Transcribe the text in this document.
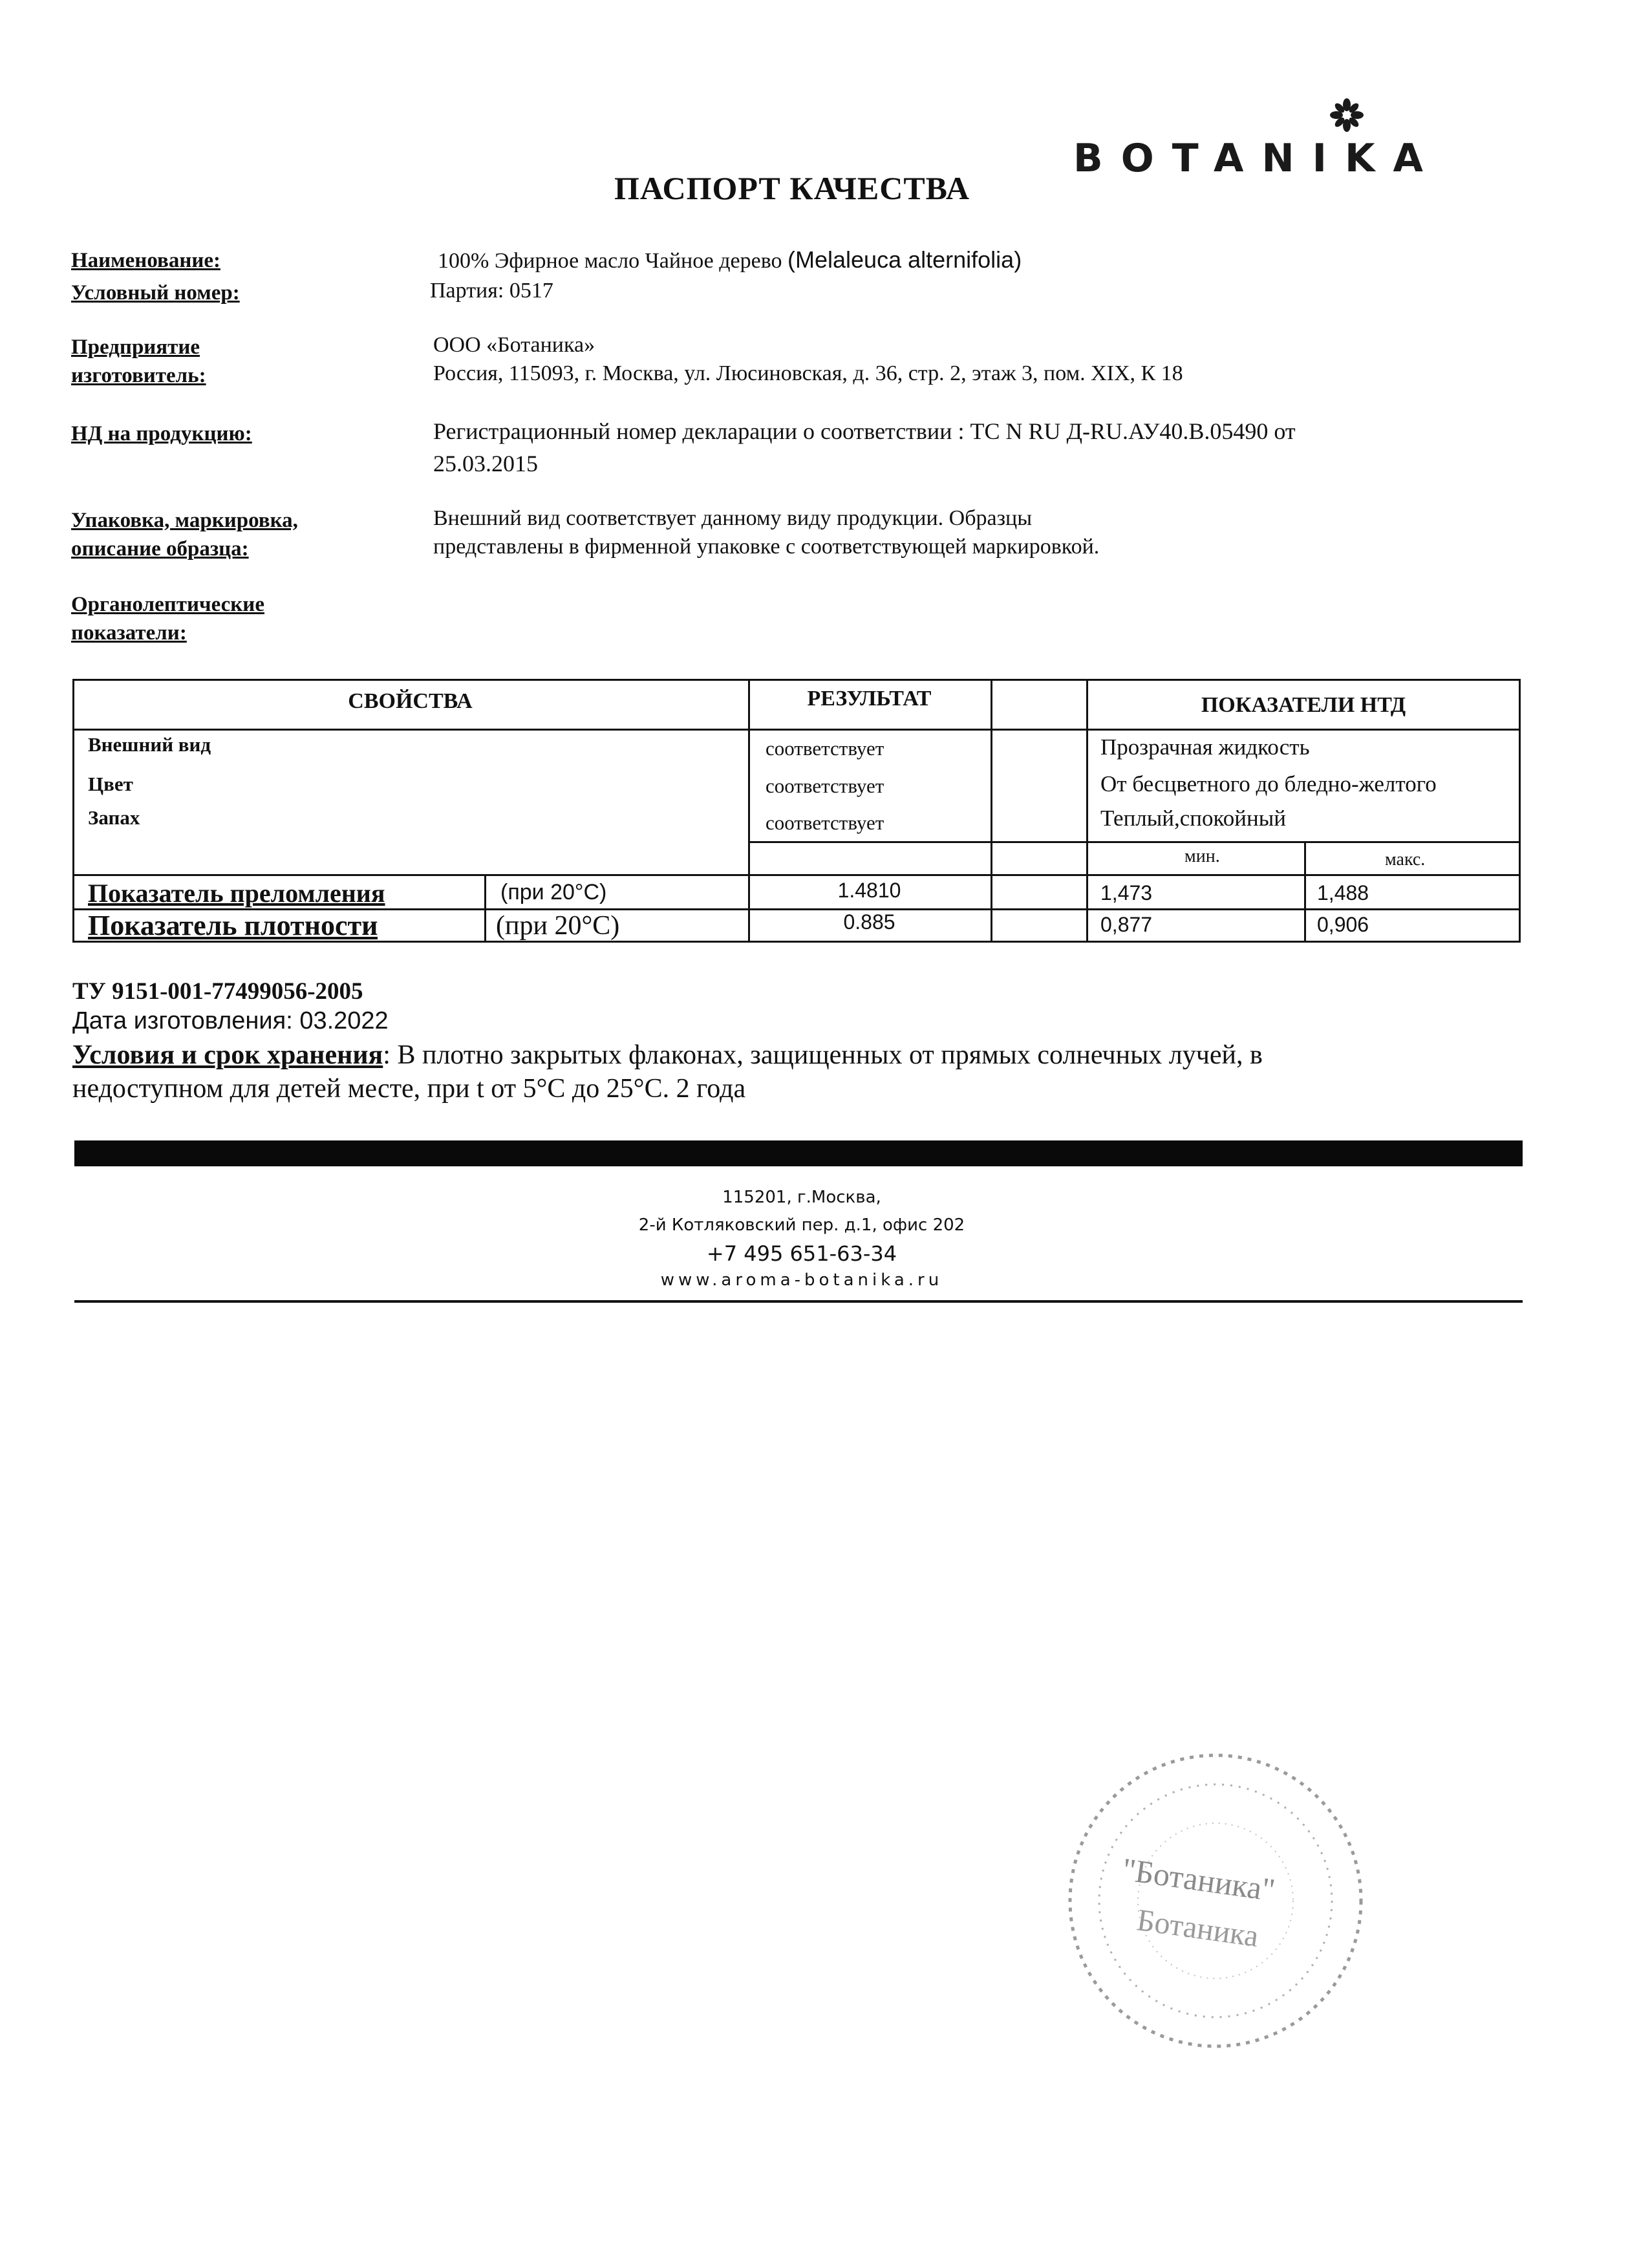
BOTANIKA
ПАСПОРТ КАЧЕСТВА
Наименование:	100% Эфирное масло Чайное дерево (Melaleuca alternifolia)
Условный номер:	Партия: 0517
Предприятие
изготовитель:
ООО «Ботаника»
Россия, 115093, г. Москва, ул. Люсиновская, д. 36, стр. 2, этаж 3, пом. XIX, К 18
НД на продукцию:	Регистрационный номер декларации о соответствии : ТС N RU Д-RU.АУ40.В.05490 от
25.03.2015
Упаковка, маркировка,
описание образца:
Внешний вид соответствует данному виду продукции. Образцы
представлены в фирменной упаковке с соответствующей маркировкой.
Органолептические
показатели:
СВОЙСТВА	РЕЗУЛЬТАТ	ПОКАЗАТЕЛИ НТД
Внешний вид	соответствует	Прозрачная жидкость
Цвет	соответствует	От бесцветного до бледно-желтого
Запах	соответствует	Теплый,спокойный
мин.	макс.
Показатель преломления	(при 20°С)	1.4810	1,473	1,488
Показатель плотности	(при 20°С)	0.885	0,877	0,906
ТУ 9151-001-77499056-2005
Дата изготовления: 03.2022
Условия и срок хранения: В плотно закрытых флаконах, защищенных от прямых солнечных лучей, в
недоступном для детей месте, при t от 5°С до 25°С. 2 года
115201, г.Москва,
2-й Котляковский пер. д.1, офис 202
+7 495 651-63-34
www.aroma-botanika.ru
"Ботаника"
Ботаника
